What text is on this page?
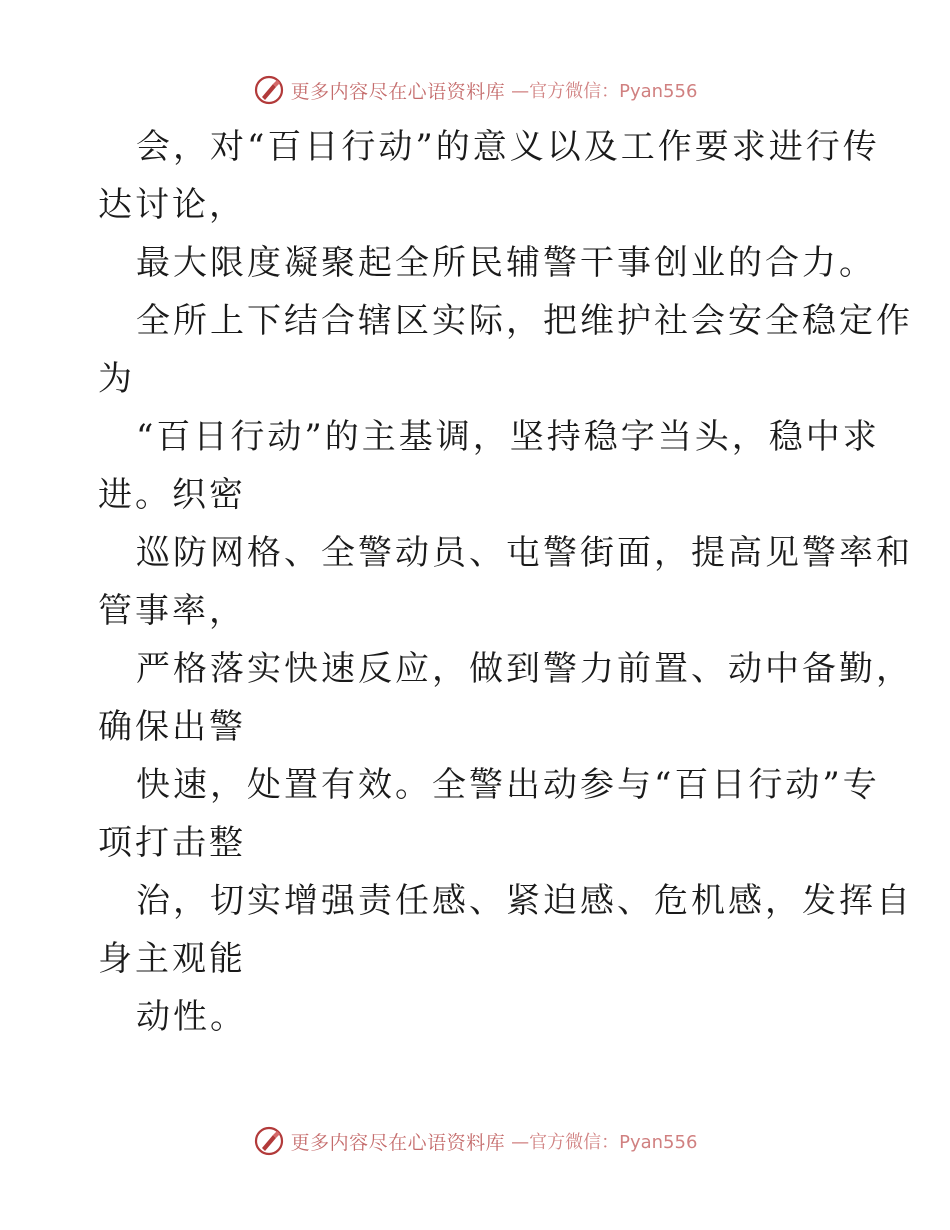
更多内容尽在心语资料库 —官方微信：Pyan556
会，对“百日行动”的意义以及工作要求进行传
达讨论，
最大限度凝聚起全所民辅警干事创业的合力。
全所上下结合辖区实际，把维护社会安全稳定作
为
“百日行动”的主基调，坚持稳字当头，稳中求
进。织密
巡防网格、全警动员、屯警街面，提高见警率和
管事率，
严格落实快速反应，做到警力前置、动中备勤，
确保出警
快速，处置有效。全警出动参与“百日行动”专
项打击整
治，切实增强责任感、紧迫感、危机感，发挥自
身主观能
动性。
更多内容尽在心语资料库 —官方微信：Pyan556
